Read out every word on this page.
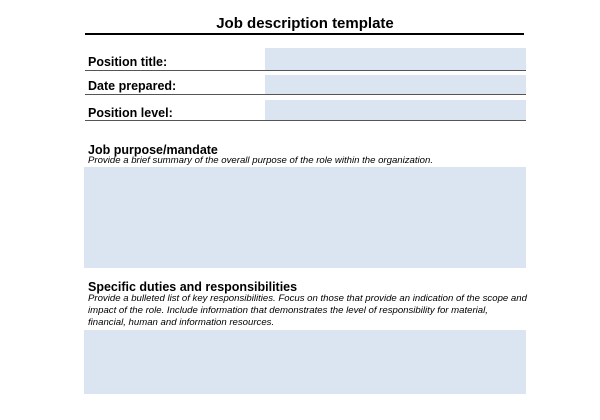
Job description template
Position title:
Date prepared:
Position level:
Job purpose/mandate
Provide a brief summary of the overall purpose of the role within the organization.
Specific duties and responsibilities
Provide a bulleted list of key responsibilities. Focus on those that provide an indication of the scope and impact of the role. Include information that demonstrates the level of responsibility for material, financial, human and information resources.
